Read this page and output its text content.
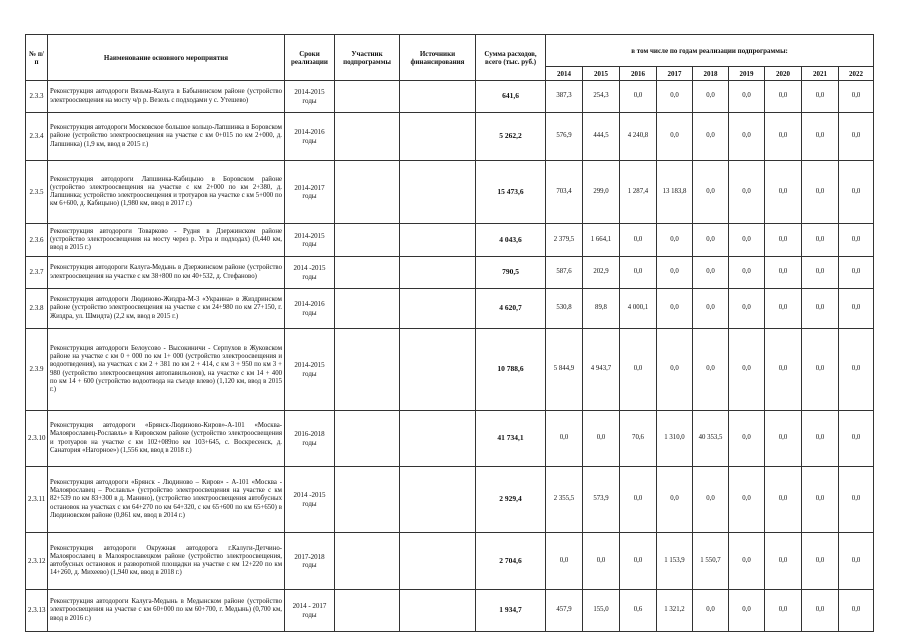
№ п/п	Наименование основного мероприятия	Сроки реализации	Участник подпрограммы	Источники финансирования	Сумма расходов, всего (тыс. руб.)	в том числе по годам реализации подпрограммы:								
						2014	2015	2016	2017	2018	2019	2020	2021	2022
2.3.3	Реконструкция автодороги Вязьма-Калуга в Бабынинском районе (устройство электроосвещения на мосту ч/р р. Везель с подходами у с. Утешево)	2014-2015 годы			641,6	387,3	254,3	0,0	0,0	0,0	0,0	0,0	0,0	0,0
2.3.4	Реконструкция автодороги Московское большое кольцо-Лапшинка в Боровском районе (устройство электроосвещения на участке с км 0+015 по км 2+000, д. Лапшинка) (1,9 км, ввод в 2015 г.)	2014-2016 годы			5 262,2	576,9	444,5	4 240,8	0,0	0,0	0,0	0,0	0,0	0,0
2.3.5	Реконструкция автодороги Лапшинка-Кабицыно в Боровском районе (устройство электроосвещения на участке с км 2+000 по км 2+380, д. Лапшинка; устройство электроосвещения и тротуаров на участке с км 5+000 по км 6+600, д. Кабицыно) (1,980 км, ввод в 2017 г.)	2014-2017 годы			15 473,6	703,4	299,0	1 287,4	13 183,8	0,0	0,0	0,0	0,0	0,0
2.3.6	Реконструкция автодороги Товарково - Рудня в Дзержинском районе (устройство электроосвещения на мосту через р. Угра и подходах) (0,440 км, ввод в 2015 г.)	2014-2015 годы			4 043,6	2 379,5	1 664,1	0,0	0,0	0,0	0,0	0,0	0,0	0,0
2.3.7	Реконструкция автодороги Калуга-Медынь в Дзержинском районе (устройство электроосвещения на участке с км 38+800 по км 40+532, д. Стефаново)	2014 -2015 годы			790,5	587,6	202,9	0,0	0,0	0,0	0,0	0,0	0,0	0,0
2.3.8	Реконструкция автодороги Людиново-Жиздра-М-3 «Украина» в Жиздринском районе (устройство электроосвещения на участке с км 24+980 по км 27+150, г. Жиздра, ул. Шмидта) (2,2 км, ввод в 2015 г.)	2014-2016 годы			4 620,7	530,8	89,8	4 000,1	0,0	0,0	0,0	0,0	0,0	0,0
2.3.9	Реконструкция автодороги Белоусово - Высокиничи - Серпухов в Жуковском районе на участке с км 0 + 000 по км 1+ 000 (устройство электроосвещения и водоотведения), на участках с км 2 + 381 по км 2 + 414, с км 3 + 950 по км 3 + 980 (устройство электроосвещения автопавильонов), на участке с км 14 + 400 по км 14 + 600 (устройство водоотвода на съезде влево) (1,120 км, ввод в 2015 г.)	2014-2015 годы			10 788,6	5 844,9	4 943,7	0,0	0,0	0,0	0,0	0,0	0,0	0,0
2.3.10	Реконструкция автодороги «Брянск-Людиново-Киров»-А-101 «Москва-Малоярославец-Рославль» в Кировском районе (устройство электроосвещения и тротуаров на участке с км 102+089по км 103+645, с. Воскресенск, д. Санатория «Нагорное») (1,556 км, ввод в 2018 г.)	2016-2018 годы			41 734,1	0,0	0,0	70,6	1 310,0	40 353,5	0,0	0,0	0,0	0,0
2.3.11	Реконструкция автодороги «Брянск - Людиново – Киров» - А-101 «Москва - Малоярославец – Рославль» (устройство электроосвещения на участке с км 82+539 по км 83+300 в д. Манино), (устройство электроосвещения автобусных остановок на участках с км 64+270 по км 64+320, с км 65+600 по км 65+650) в Людиновском районе (0,861 км, ввод в 2014 г.)	2014 -2015 годы			2 929,4	2 355,5	573,9	0,0	0,0	0,0	0,0	0,0	0,0	0,0
2.3.12	Реконструкция автодороги Окружная автодорога г.Калуги-Детчино-Малоярославец в Малоярославецком районе (устройство электроосвещения, автобусных остановок и разворотной площадки на участке с км 12+220 по км 14+260, д. Михеево) (1,940 км, ввод в 2018 г.)	2017-2018 годы			2 704,6	0,0	0,0	0,0	1 153,9	1 550,7	0,0	0,0	0,0	0,0
2.3.13	Реконструкция автодороги Калуга-Медынь в Медынском районе (устройство электроосвещения на участке с км 60+000 по км 60+700, г. Медынь) (0,700 км, ввод в 2016 г.)	2014 - 2017 годы			1 934,7	457,9	155,0	0,6	1 321,2	0,0	0,0	0,0	0,0	0,0
